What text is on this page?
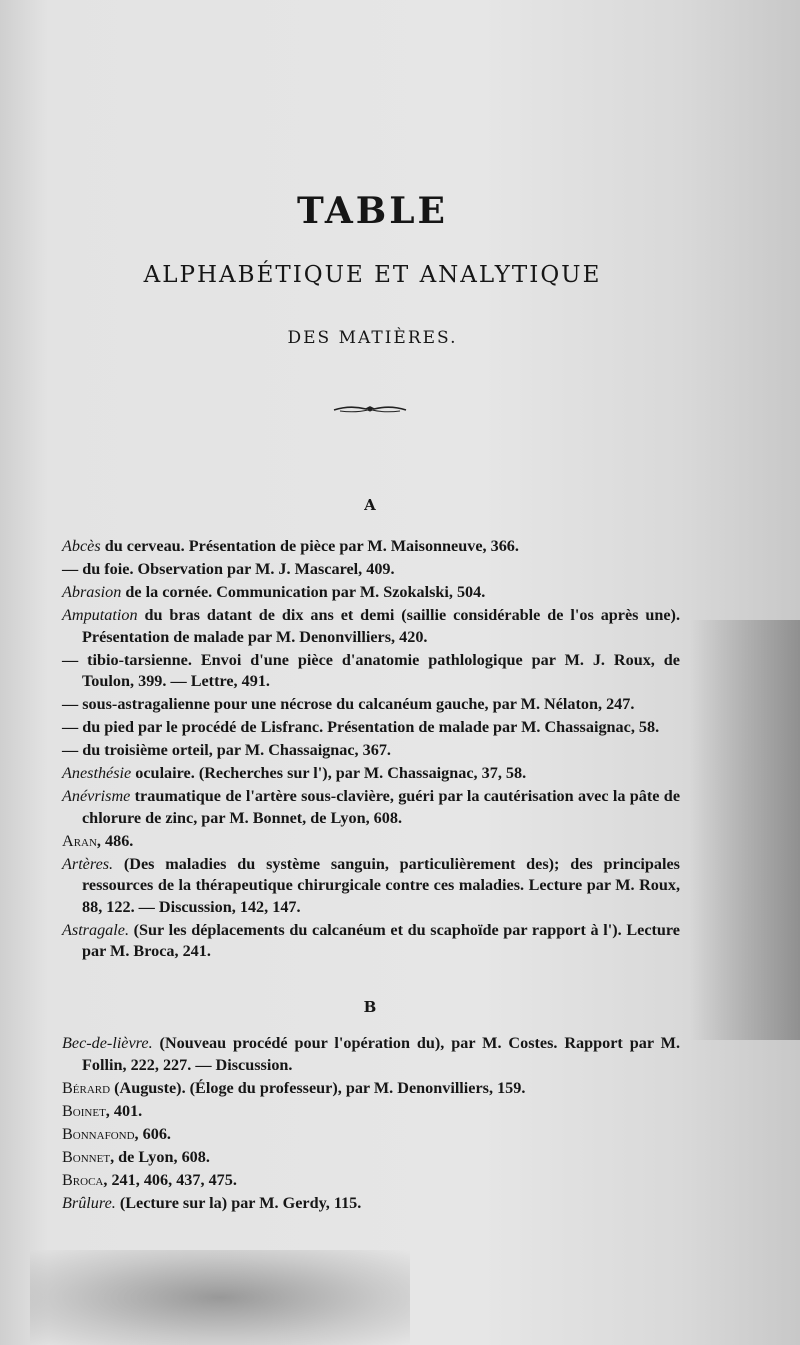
TABLE
ALPHABÉTIQUE ET ANALYTIQUE
DES MATIÈRES.
A

Abcès du cerveau. Présentation de pièce par M. Maisonneuve, 366.

— du foie. Observation par M. J. Mascarel, 409.

Abrasion de la cornée. Communication par M. Szokalski, 504.

Amputation du bras datant de dix ans et demi (saillie considérable de l'os après une). Présentation de malade par M. Denonvilliers, 420.

— tibio-tarsienne. Envoi d'une pièce d'anatomie pathlologique par M. J. Roux, de Toulon, 399. — Lettre, 491.

— sous-astragalienne pour une nécrose du calcanéum gauche, par M. Nélaton, 247.

— du pied par le procédé de Lisfranc. Présentation de malade par M. Chassaignac, 58.

— du troisième orteil, par M. Chassaignac, 367.

Anesthésie oculaire. (Recherches sur l'), par M. Chassaignac, 37, 58.

Anévrisme traumatique de l'artère sous-clavière, guéri par la cautérisation avec la pâte de chlorure de zinc, par M. Bonnet, de Lyon, 608.

Aran, 486.

Artères. (Des maladies du système sanguin, particulièrement des); des principales ressources de la thérapeutique chirurgicale contre ces maladies. Lecture par M. Roux, 88, 122. — Discussion, 142, 147.

Astragale. (Sur les déplacements du calcanéum et du scaphoïde par rapport à l'). Lecture par M. Broca, 241.

B

Bec-de-lièvre. (Nouveau procédé pour l'opération du), par M. Costes. Rapport par M. Follin, 222, 227. — Discussion.

Bérard (Auguste). (Éloge du professeur), par M. Denonvilliers, 159.

Boinet, 401.

Bonnafond, 606.

Bonnet, de Lyon, 608.

Broca, 241, 406, 437, 475.

Brûlure. (Lecture sur la) par M. Gerdy, 115.
